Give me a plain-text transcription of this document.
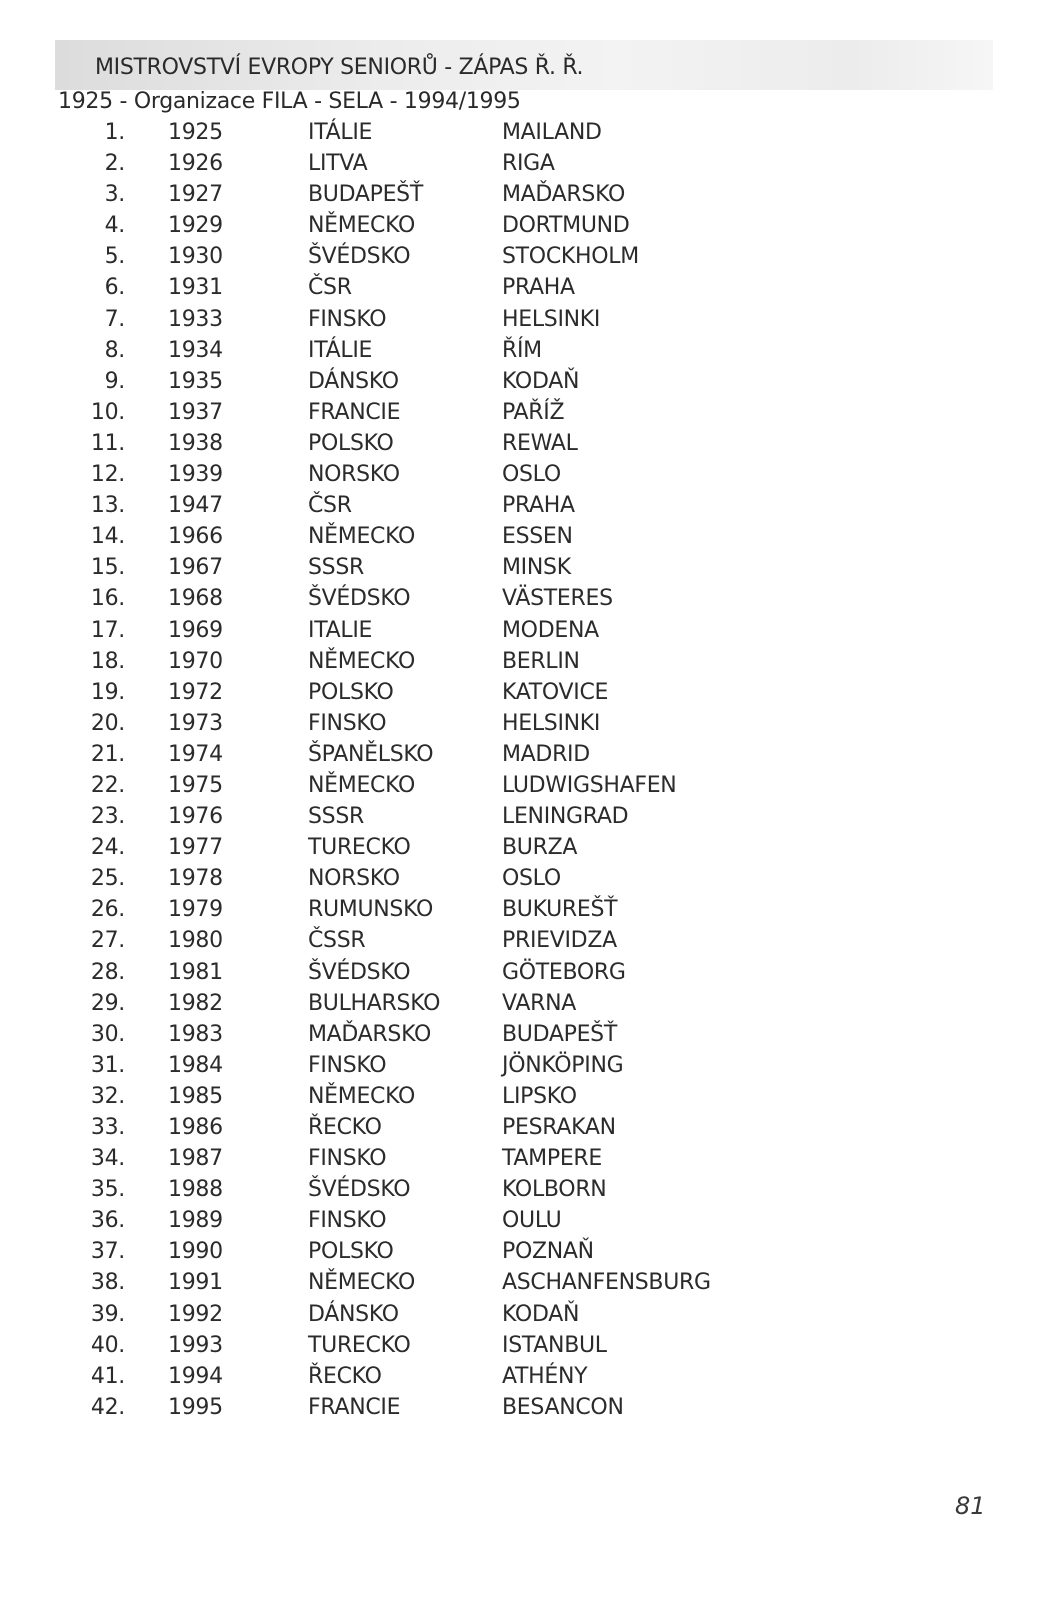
MISTROVSTVÍ EVROPY SENIORŮ - ZÁPAS Ř. Ř.
1925 - Organizace FILA - SELA - 1994/1995
1. 1925	ITÁLIE	MAILAND
2. 1926	LITVA	RIGA
3. 1927	BUDAPEŠŤ	MAĎARSKO
4. 1929	NĚMECKO	DORTMUND
5. 1930	ŠVÉDSKO	STOCKHOLM
6. 1931	ČSR	PRAHA
7. 1933	FINSKO	HELSINKI
8. 1934	ITÁLIE	ŘÍM
9. 1935	DÁNSKO	KODAŇ
10. 1937	FRANCIE	PAŘÍŽ
11. 1938	POLSKO	REWAL
12. 1939	NORSKO	OSLO
13. 1947	ČSR	PRAHA
14. 1966	NĚMECKO	ESSEN
15. 1967	SSSR	MINSK
16. 1968	ŠVÉDSKO	VÄSTERES
17. 1969	ITALIE	MODENA
18. 1970	NĚMECKO	BERLIN
19. 1972	POLSKO	KATOVICE
20. 1973	FINSKO	HELSINKI
21. 1974	ŠPANĚLSKO	MADRID
22. 1975	NĚMECKO	LUDWIGSHAFEN
23. 1976	SSSR	LENINGRAD
24. 1977	TURECKO	BURZA
25. 1978	NORSKO	OSLO
26. 1979	RUMUNSKO	BUKUREŠŤ
27. 1980	ČSSR	PRIEVIDZA
28. 1981	ŠVÉDSKO	GÖTEBORG
29. 1982	BULHARSKO	VARNA
30. 1983	MAĎARSKO	BUDAPEŠŤ
31. 1984	FINSKO	JÖNKÖPING
32. 1985	NĚMECKO	LIPSKO
33. 1986	ŘECKO	PESRAKAN
34. 1987	FINSKO	TAMPERE
35. 1988	ŠVÉDSKO	KOLBORN
36. 1989	FINSKO	OULU
37. 1990	POLSKO	POZNAŇ
38. 1991	NĚMECKO	ASCHANFENSBURG
39. 1992	DÁNSKO	KODAŇ
40. 1993	TURECKO	ISTANBUL
41. 1994	ŘECKO	ATHÉNY
42. 1995	FRANCIE	BESANCON
81
